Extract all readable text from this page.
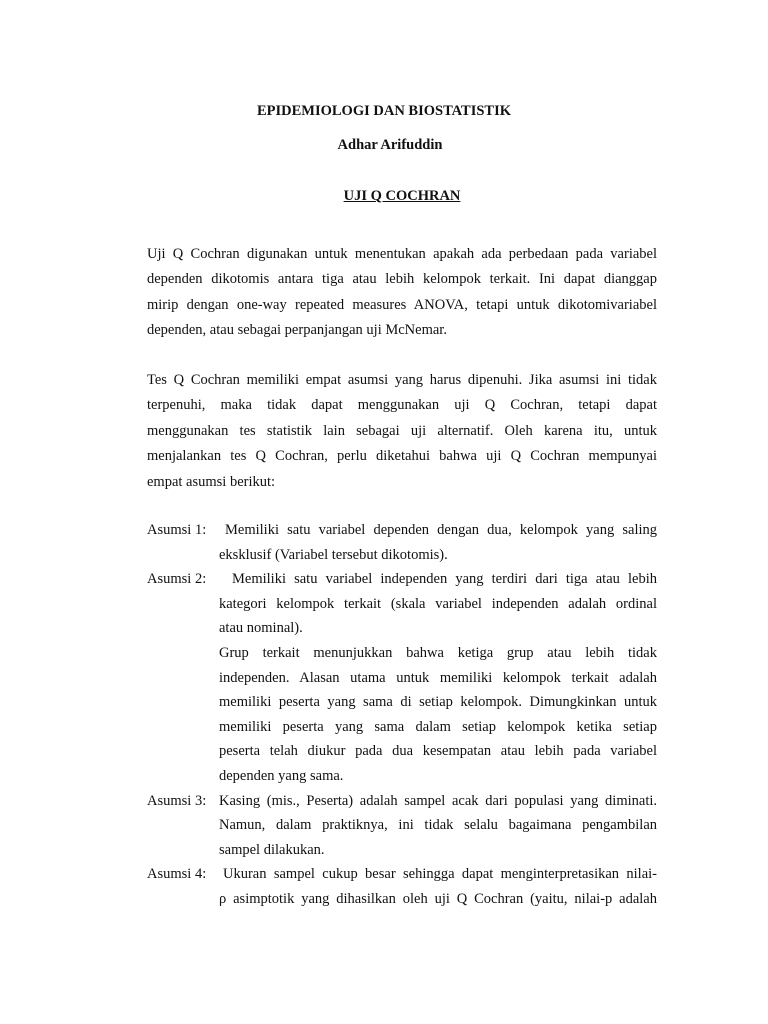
EPIDEMIOLOGI DAN BIOSTATISTIK
Adhar Arifuddin
UJI Q COCHRAN
Uji Q Cochran digunakan untuk menentukan apakah ada perbedaan pada variabel
dependen dikotomis antara tiga atau lebih kelompok terkait. Ini dapat dianggap
mirip dengan one-way repeated measures ANOVA, tetapi untuk dikotomivariabel
dependen, atau sebagai perpanjangan uji McNemar.
Tes Q Cochran memiliki empat asumsi yang harus dipenuhi. Jika asumsi ini tidak
terpenuhi, maka tidak dapat menggunakan uji Q Cochran, tetapi dapat
menggunakan tes statistik lain sebagai uji alternatif. Oleh karena itu, untuk
menjalankan tes Q Cochran, perlu diketahui bahwa uji Q Cochran mempunyai
empat asumsi berikut:
Asumsi 1:	Memiliki satu variabel dependen dengan dua, kelompok yang saling
eksklusif (Variabel tersebut dikotomis).
Asumsi 2:	Memiliki satu variabel independen yang terdiri dari tiga atau lebih
kategori kelompok terkait (skala variabel independen adalah ordinal
atau nominal).
Grup terkait menunjukkan bahwa ketiga grup atau lebih tidak
independen. Alasan utama untuk memiliki kelompok terkait adalah
memiliki peserta yang sama di setiap kelompok. Dimungkinkan untuk
memiliki peserta yang sama dalam setiap kelompok ketika setiap
peserta telah diukur pada dua kesempatan atau lebih pada variabel
dependen yang sama.
Asumsi 3: Kasing (mis., Peserta) adalah sampel acak dari populasi yang diminati.
Namun, dalam praktiknya, ini tidak selalu bagaimana pengambilan
sampel dilakukan.
Asumsi 4:	Ukuran sampel cukup besar sehingga dapat menginterpretasikan nilai-
ρ asimptotik yang dihasilkan oleh uji Q Cochran (yaitu, nilai-p adalah
